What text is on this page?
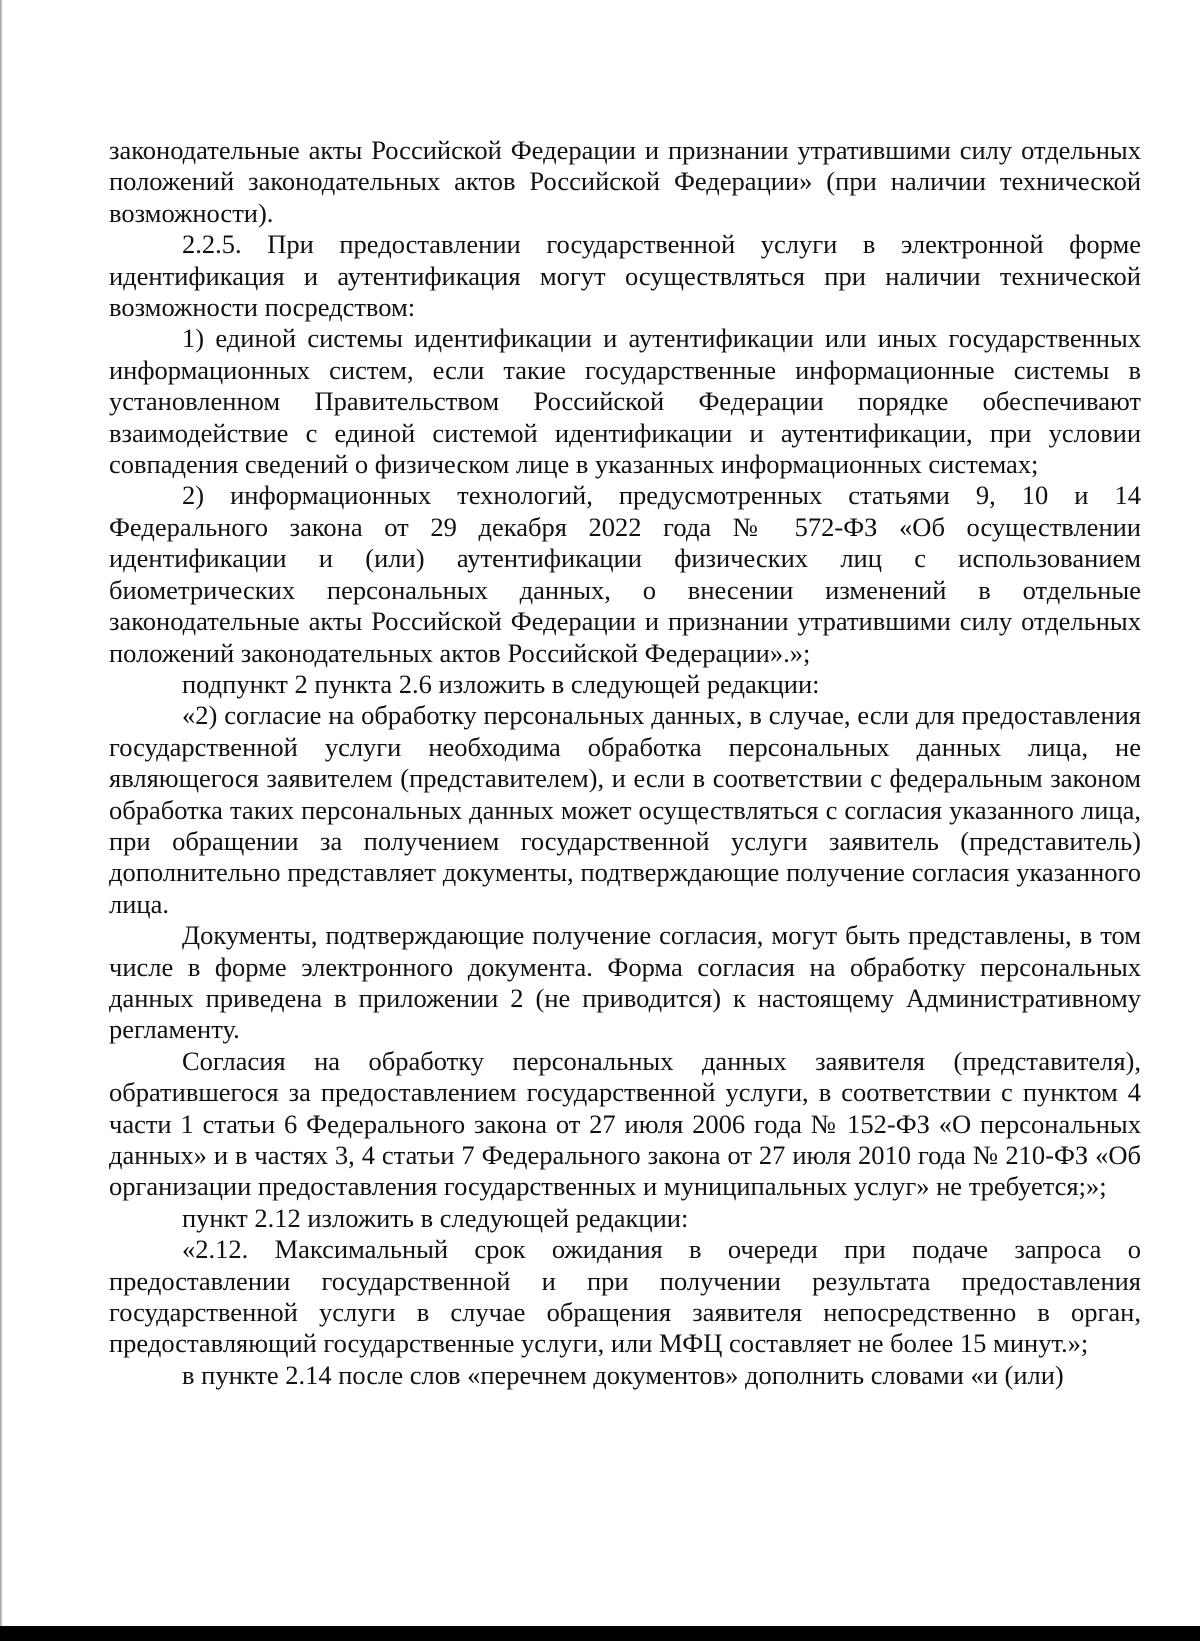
законодательные акты Российской Федерации и признании утратившими силу отдельных положений законодательных актов Российской Федерации» (при наличии технической возможности).

2.2.5. При предоставлении государственной услуги в электронной форме идентификация и аутентификация могут осуществляться при наличии технической возможности посредством:

1) единой системы идентификации и аутентификации или иных государственных информационных систем, если такие государственные информационные системы в установленном Правительством Российской Федерации порядке обеспечивают взаимодействие с единой системой идентификации и аутентификации, при условии совпадения сведений о физическом лице в указанных информационных системах;

2) информационных технологий, предусмотренных статьями 9, 10 и 14 Федерального закона от 29 декабря 2022 года № 572-ФЗ «Об осуществлении идентификации и (или) аутентификации физических лиц с использованием биометрических персональных данных, о внесении изменений в отдельные законодательные акты Российской Федерации и признании утратившими силу отдельных положений законодательных актов Российской Федерации».»;

подпункт 2 пункта 2.6 изложить в следующей редакции:

«2) согласие на обработку персональных данных, в случае, если для предоставления государственной услуги необходима обработка персональных данных лица, не являющегося заявителем (представителем), и если в соответствии с федеральным законом обработка таких персональных данных может осуществляться с согласия указанного лица, при обращении за получением государственной услуги заявитель (представитель) дополнительно представляет документы, подтверждающие получение согласия указанного лица.

Документы, подтверждающие получение согласия, могут быть представлены, в том числе в форме электронного документа. Форма согласия на обработку персональных данных приведена в приложении 2 (не приводится) к настоящему Административному регламенту.

Согласия на обработку персональных данных заявителя (представителя), обратившегося за предоставлением государственной услуги, в соответствии с пунктом 4 части 1 статьи 6 Федерального закона от 27 июля 2006 года № 152-ФЗ «О персональных данных» и в частях 3, 4 статьи 7 Федерального закона от 27 июля 2010 года № 210-ФЗ «Об организации предоставления государственных и муниципальных услуг» не требуется;»;

пункт 2.12 изложить в следующей редакции:

«2.12. Максимальный срок ожидания в очереди при подаче запроса о предоставлении государственной и при получении результата предоставления государственной услуги в случае обращения заявителя непосредственно в орган, предоставляющий государственные услуги, или МФЦ составляет не более 15 минут.»;

в пункте 2.14 после слов «перечнем документов» дополнить словами «и (или)
